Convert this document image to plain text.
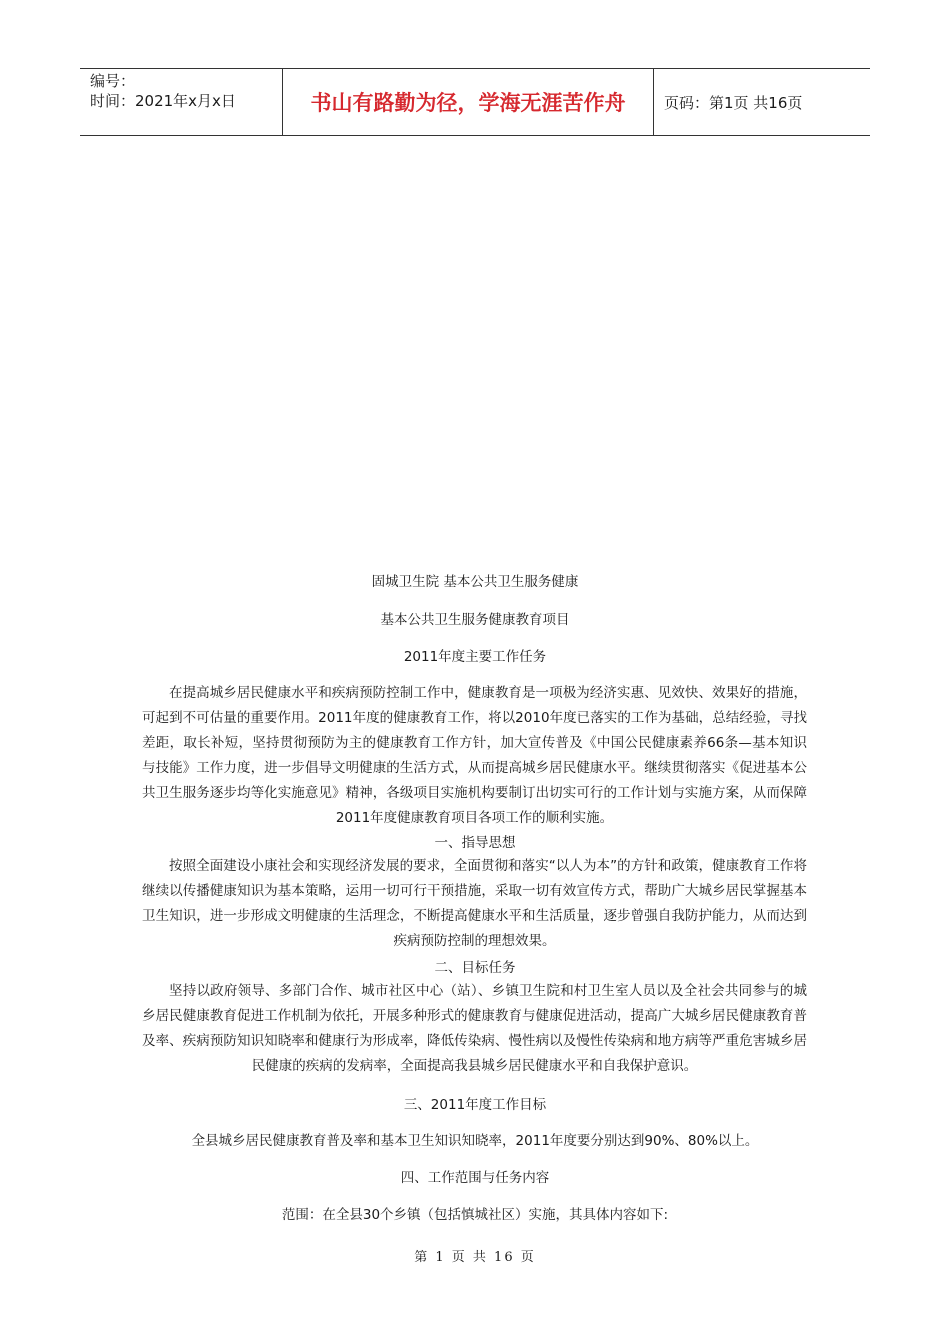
编号：
时间：2021年x月x日	书山有路勤为径，学海无涯苦作舟	页码：第1页 共16页
固城卫生院 基本公共卫生服务健康
基本公共卫生服务健康教育项目
2011年度主要工作任务
在提高城乡居民健康水平和疾病预防控制工作中，健康教育是一项极为经济实惠、见效快、效果好的措施，可起到不可估量的重要作用。2011年度的健康教育工作，将以2010年度已落实的工作为基础，总结经验，寻找差距，取长补短，坚持贯彻预防为主的健康教育工作方针，加大宣传普及《中国公民健康素养66条—基本知识与技能》工作力度，进一步倡导文明健康的生活方式，从而提高城乡居民健康水平。继续贯彻落实《促进基本公共卫生服务逐步均等化实施意见》精神，各级项目实施机构要制订出切实可行的工作计划与实施方案，从而保障2011年度健康教育项目各项工作的顺利实施。
一、指导思想
按照全面建设小康社会和实现经济发展的要求，全面贯彻和落实“以人为本”的方针和政策，健康教育工作将继续以传播健康知识为基本策略，运用一切可行干预措施，采取一切有效宣传方式，帮助广大城乡居民掌握基本卫生知识，进一步形成文明健康的生活理念，不断提高健康水平和生活质量，逐步曾强自我防护能力，从而达到疾病预防控制的理想效果。
二、目标任务
坚持以政府领导、多部门合作、城市社区中心（站）、乡镇卫生院和村卫生室人员以及全社会共同参与的城乡居民健康教育促进工作机制为依托，开展多种形式的健康教育与健康促进活动，提高广大城乡居民健康教育普及率、疾病预防知识知晓率和健康行为形成率，降低传染病、慢性病以及慢性传染病和地方病等严重危害城乡居民健康的疾病的发病率，全面提高我县城乡居民健康水平和自我保护意识。
三、2011年度工作目标
全县城乡居民健康教育普及率和基本卫生知识知晓率，2011年度要分别达到90%、80%以上。
四、工作范围与任务内容
范围：在全县30个乡镇（包括慎城社区）实施，其具体内容如下:
第 1 页 共 16 页
